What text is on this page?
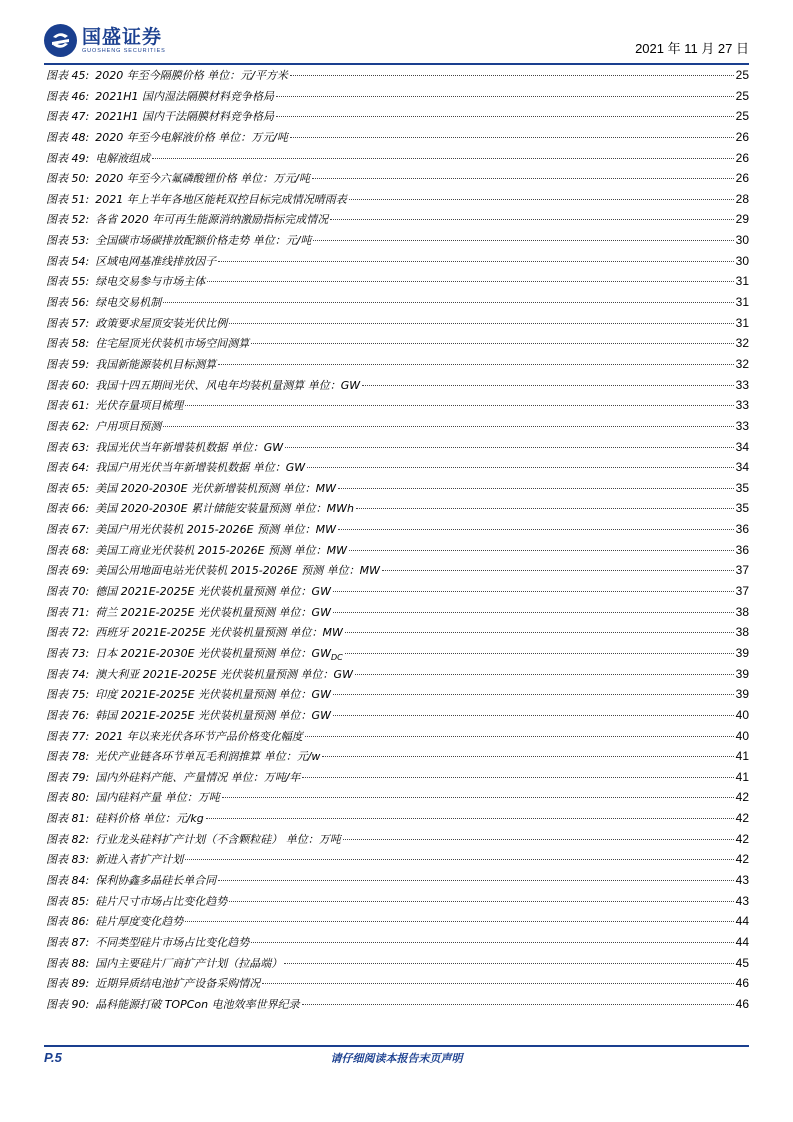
国盛证券
GUOSHENG SECURITIES	2021 年 11 月 27 日
图表 45: 2020 年至今隔膜价格 单位：元/平方米	25
图表 46: 2021H1 国内湿法隔膜材料竞争格局	25
图表 47: 2021H1 国内干法隔膜材料竞争格局	25
图表 48: 2020 年至今电解液价格 单位：万元/吨	26
图表 49: 电解液组成	26
图表 50: 2020 年至今六氟磷酸锂价格 单位：万元/吨	26
图表 51: 2021 年上半年各地区能耗双控目标完成情况晴雨表	28
图表 52: 各省 2020 年可再生能源消纳激励指标完成情况	29
图表 53: 全国碳市场碳排放配额价格走势 单位：元/吨	30
图表 54: 区域电网基准线排放因子	30
图表 55: 绿电交易参与市场主体	31
图表 56: 绿电交易机制	31
图表 57: 政策要求屋顶安装光伏比例	31
图表 58: 住宅屋顶光伏装机市场空间测算	32
图表 59: 我国新能源装机目标测算	32
图表 60: 我国十四五期间光伏、风电年均装机量测算 单位：GW	33
图表 61: 光伏存量项目梳理	33
图表 62: 户用项目预测	33
图表 63: 我国光伏当年新增装机数据 单位：GW	34
图表 64: 我国户用光伏当年新增装机数据 单位：GW	34
图表 65: 美国 2020-2030E 光伏新增装机预测 单位：MW	35
图表 66: 美国 2020-2030E 累计储能安装量预测 单位：MWh	35
图表 67: 美国户用光伏装机 2015-2026E 预测 单位：MW	36
图表 68: 美国工商业光伏装机 2015-2026E 预测 单位：MW	36
图表 69: 美国公用地面电站光伏装机 2015-2026E 预测 单位：MW	37
图表 70: 德国 2021E-2025E 光伏装机量预测 单位：GW	37
图表 71: 荷兰 2021E-2025E 光伏装机量预测 单位：GW	38
图表 72: 西班牙 2021E-2025E 光伏装机量预测 单位：MW	38
图表 73: 日本 2021E-2030E 光伏装机量预测 单位：$GW_{DC}$	39
图表 74: 澳大利亚 2021E-2025E 光伏装机量预测 单位：GW	39
图表 75: 印度 2021E-2025E 光伏装机量预测 单位：GW	39
图表 76: 韩国 2021E-2025E 光伏装机量预测 单位：GW	40
图表 77: 2021 年以来光伏各环节产品价格变化幅度	40
图表 78: 光伏产业链各环节单瓦毛利润推算 单位：元/w	41
图表 79: 国内外硅料产能、产量情况 单位：万吨/年	41
图表 80: 国内硅料产量 单位：万吨	42
图表 81: 硅料价格 单位：元/kg	42
图表 82: 行业龙头硅料扩产计划（不含颗粒硅） 单位：万吨	42
图表 83: 新进入者扩产计划	42
图表 84: 保利协鑫多晶硅长单合同	43
图表 85: 硅片尺寸市场占比变化趋势	43
图表 86: 硅片厚度变化趋势	44
图表 87: 不同类型硅片市场占比变化趋势	44
图表 88: 国内主要硅片厂商扩产计划（拉晶端）	45
图表 89: 近期异质结电池扩产设备采购情况	46
图表 90: 晶科能源打破 TOPCon 电池效率世界纪录	46
P.5	请仔细阅读本报告末页声明
